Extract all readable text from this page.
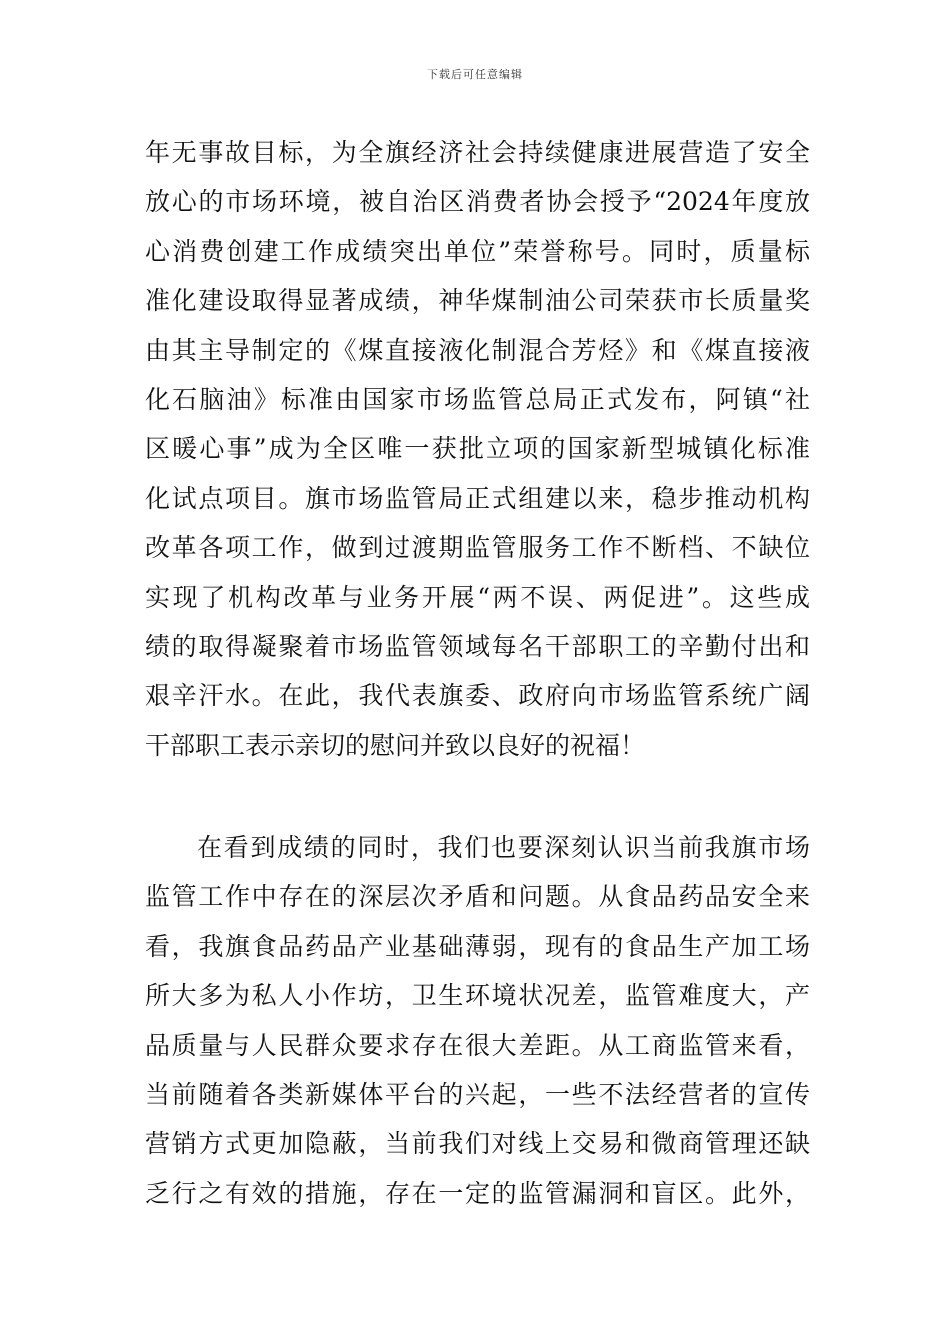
下载后可任意编辑
年无事故目标，为全旗经济社会持续健康进展营造了安全
放心的市场环境，被自治区消费者协会授予“2024年度放
心消费创建工作成绩突出单位”荣誉称号。同时，质量标
准化建设取得显著成绩，神华煤制油公司荣获市长质量奖
由其主导制定的《煤直接液化制混合芳烃》和《煤直接液
化石脑油》标准由国家市场监管总局正式发布，阿镇“社
区暖心事”成为全区唯一获批立项的国家新型城镇化标准
化试点项目。旗市场监管局正式组建以来，稳步推动机构
改革各项工作，做到过渡期监管服务工作不断档、不缺位
实现了机构改革与业务开展“两不误、两促进”。这些成
绩的取得凝聚着市场监管领域每名干部职工的辛勤付出和
艰辛汗水。在此，我代表旗委、政府向市场监管系统广阔
干部职工表示亲切的慰问并致以良好的祝福！
在看到成绩的同时，我们也要深刻认识当前我旗市场
监管工作中存在的深层次矛盾和问题。从食品药品安全来
看，我旗食品药品产业基础薄弱，现有的食品生产加工场
所大多为私人小作坊，卫生环境状况差，监管难度大，产
品质量与人民群众要求存在很大差距。从工商监管来看，
当前随着各类新媒体平台的兴起，一些不法经营者的宣传
营销方式更加隐蔽，当前我们对线上交易和微商管理还缺
乏行之有效的措施，存在一定的监管漏洞和盲区。此外，
